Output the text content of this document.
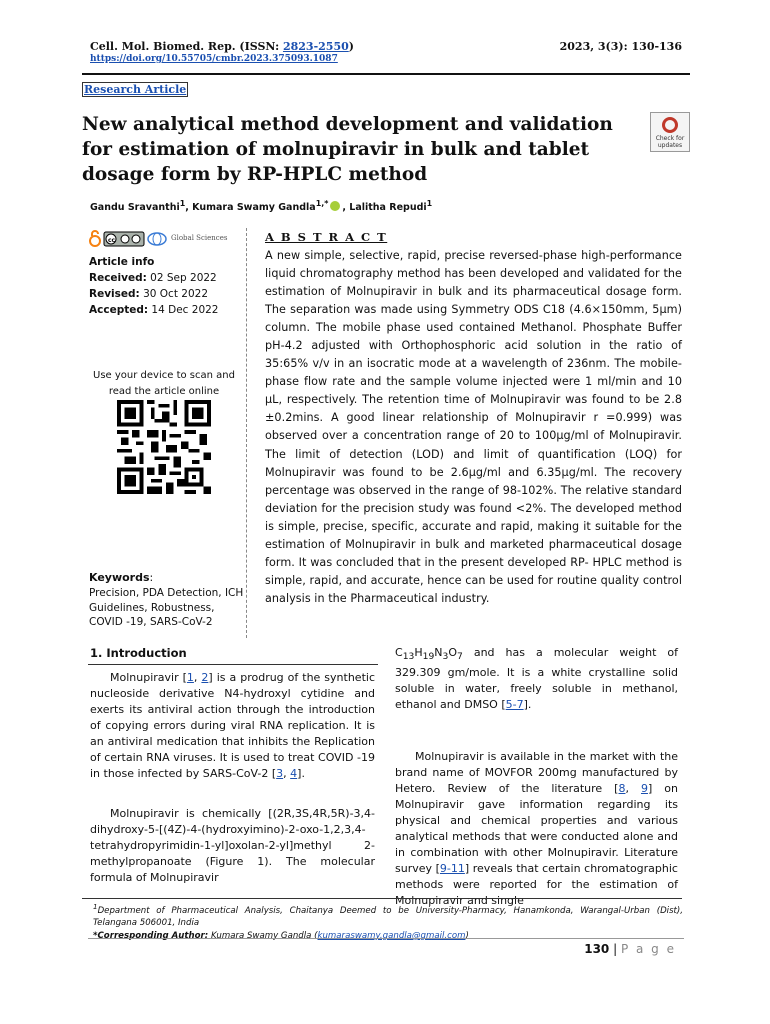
Cell. Mol. Biomed. Rep. (ISSN: 2823-2550)	2023, 3(3): 130-136
https://doi.org/10.55705/cmbr.2023.375093.1087
Research Article
New analytical method development and validation for estimation of molnupiravir in bulk and tablet dosage form by RP-HPLC method
Check for updates
Gandu Sravanthi$^1$, Kumara Swamy Gandla$^{1,*}$ , Lalitha Repudi$^1$
cc	Global Sciences
Article info
Received: 02 Sep 2022
Revised: 30 Oct 2022
Accepted: 14 Dec 2022
Use your device to scan and read the article online
Keywords:
Precision, PDA Detection, ICH Guidelines, Robustness, COVID -19, SARS-CoV-2
A B S T R A C T
A new simple, selective, rapid, precise reversed-phase high-performance liquid chromatography method has been developed and validated for the estimation of Molnupiravir in bulk and its pharmaceutical dosage form. The separation was made using Symmetry ODS C18 (4.6×150mm, 5µm) column. The mobile phase used contained Methanol. Phosphate Buffer pH-4.2 adjusted with Orthophosphoric acid solution in the ratio of 35:65% v/v in an isocratic mode at a wavelength of 236nm. The mobile-phase flow rate and the sample volume injected were 1 ml/min and 10 µL, respectively. The retention time of Molnupiravir was found to be 2.8 ±0.2mins. A good linear relationship of Molnupiravir r =0.999) was observed over a concentration range of 20 to 100µg/ml of Molnupiravir. The limit of detection (LOD) and limit of quantification (LOQ) for Molnupiravir was found to be 2.6µg/ml and 6.35µg/ml. The recovery percentage was observed in the range of 98-102%. The relative standard deviation for the precision study was found <2%. The developed method is simple, precise, specific, accurate and rapid, making it suitable for the estimation of Molnupiravir in bulk and marketed pharmaceutical dosage form. It was concluded that in the present developed RP- HPLC method is simple, rapid, and accurate, hence can be used for routine quality control analysis in the Pharmaceutical industry.
1. Introduction
Molnupiravir [1, 2] is a prodrug of the synthetic nucleoside derivative N4-hydroxyl cytidine and exerts its antiviral action through the introduction of copying errors during viral RNA replication. It is an antiviral medication that inhibits the Replication of certain RNA viruses. It is used to treat COVID -19 in those infected by SARS-CoV-2 [3, 4].
Molnupiravir is chemically [(2R,3S,4R,5R)-3,4-dihydroxy-5-[(4Z)-4-(hydroxyimino)-2-oxo-1,2,3,4-tetrahydropyrimidin-1-yl]oxolan-2-yl]methyl 2-methylpropanoate (Figure 1). The molecular formula of Molnupiravir
$C_{13}H_{19}N_3O_7$ and has a molecular weight of 329.309 gm/mole. It is a white crystalline solid soluble in water, freely soluble in methanol, ethanol and DMSO [5-7].
Molnupiravir is available in the market with the brand name of MOVFOR 200mg manufactured by Hetero. Review of the literature [8, 9] on Molnupiravir gave information regarding its physical and chemical properties and various analytical methods that were conducted alone and in combination with other Molnupiravir. Literature survey [9-11] reveals that certain chromatographic methods were reported for the estimation of Molnupiravir and single
$^1$Department of Pharmaceutical Analysis, Chaitanya Deemed to be University-Pharmacy, Hanamkonda, Warangal-Urban (Dist), Telangana 506001, India
*Corresponding Author: Kumara Swamy Gandla (kumaraswamy.gandla@gmail.com)
130 | P a g e
